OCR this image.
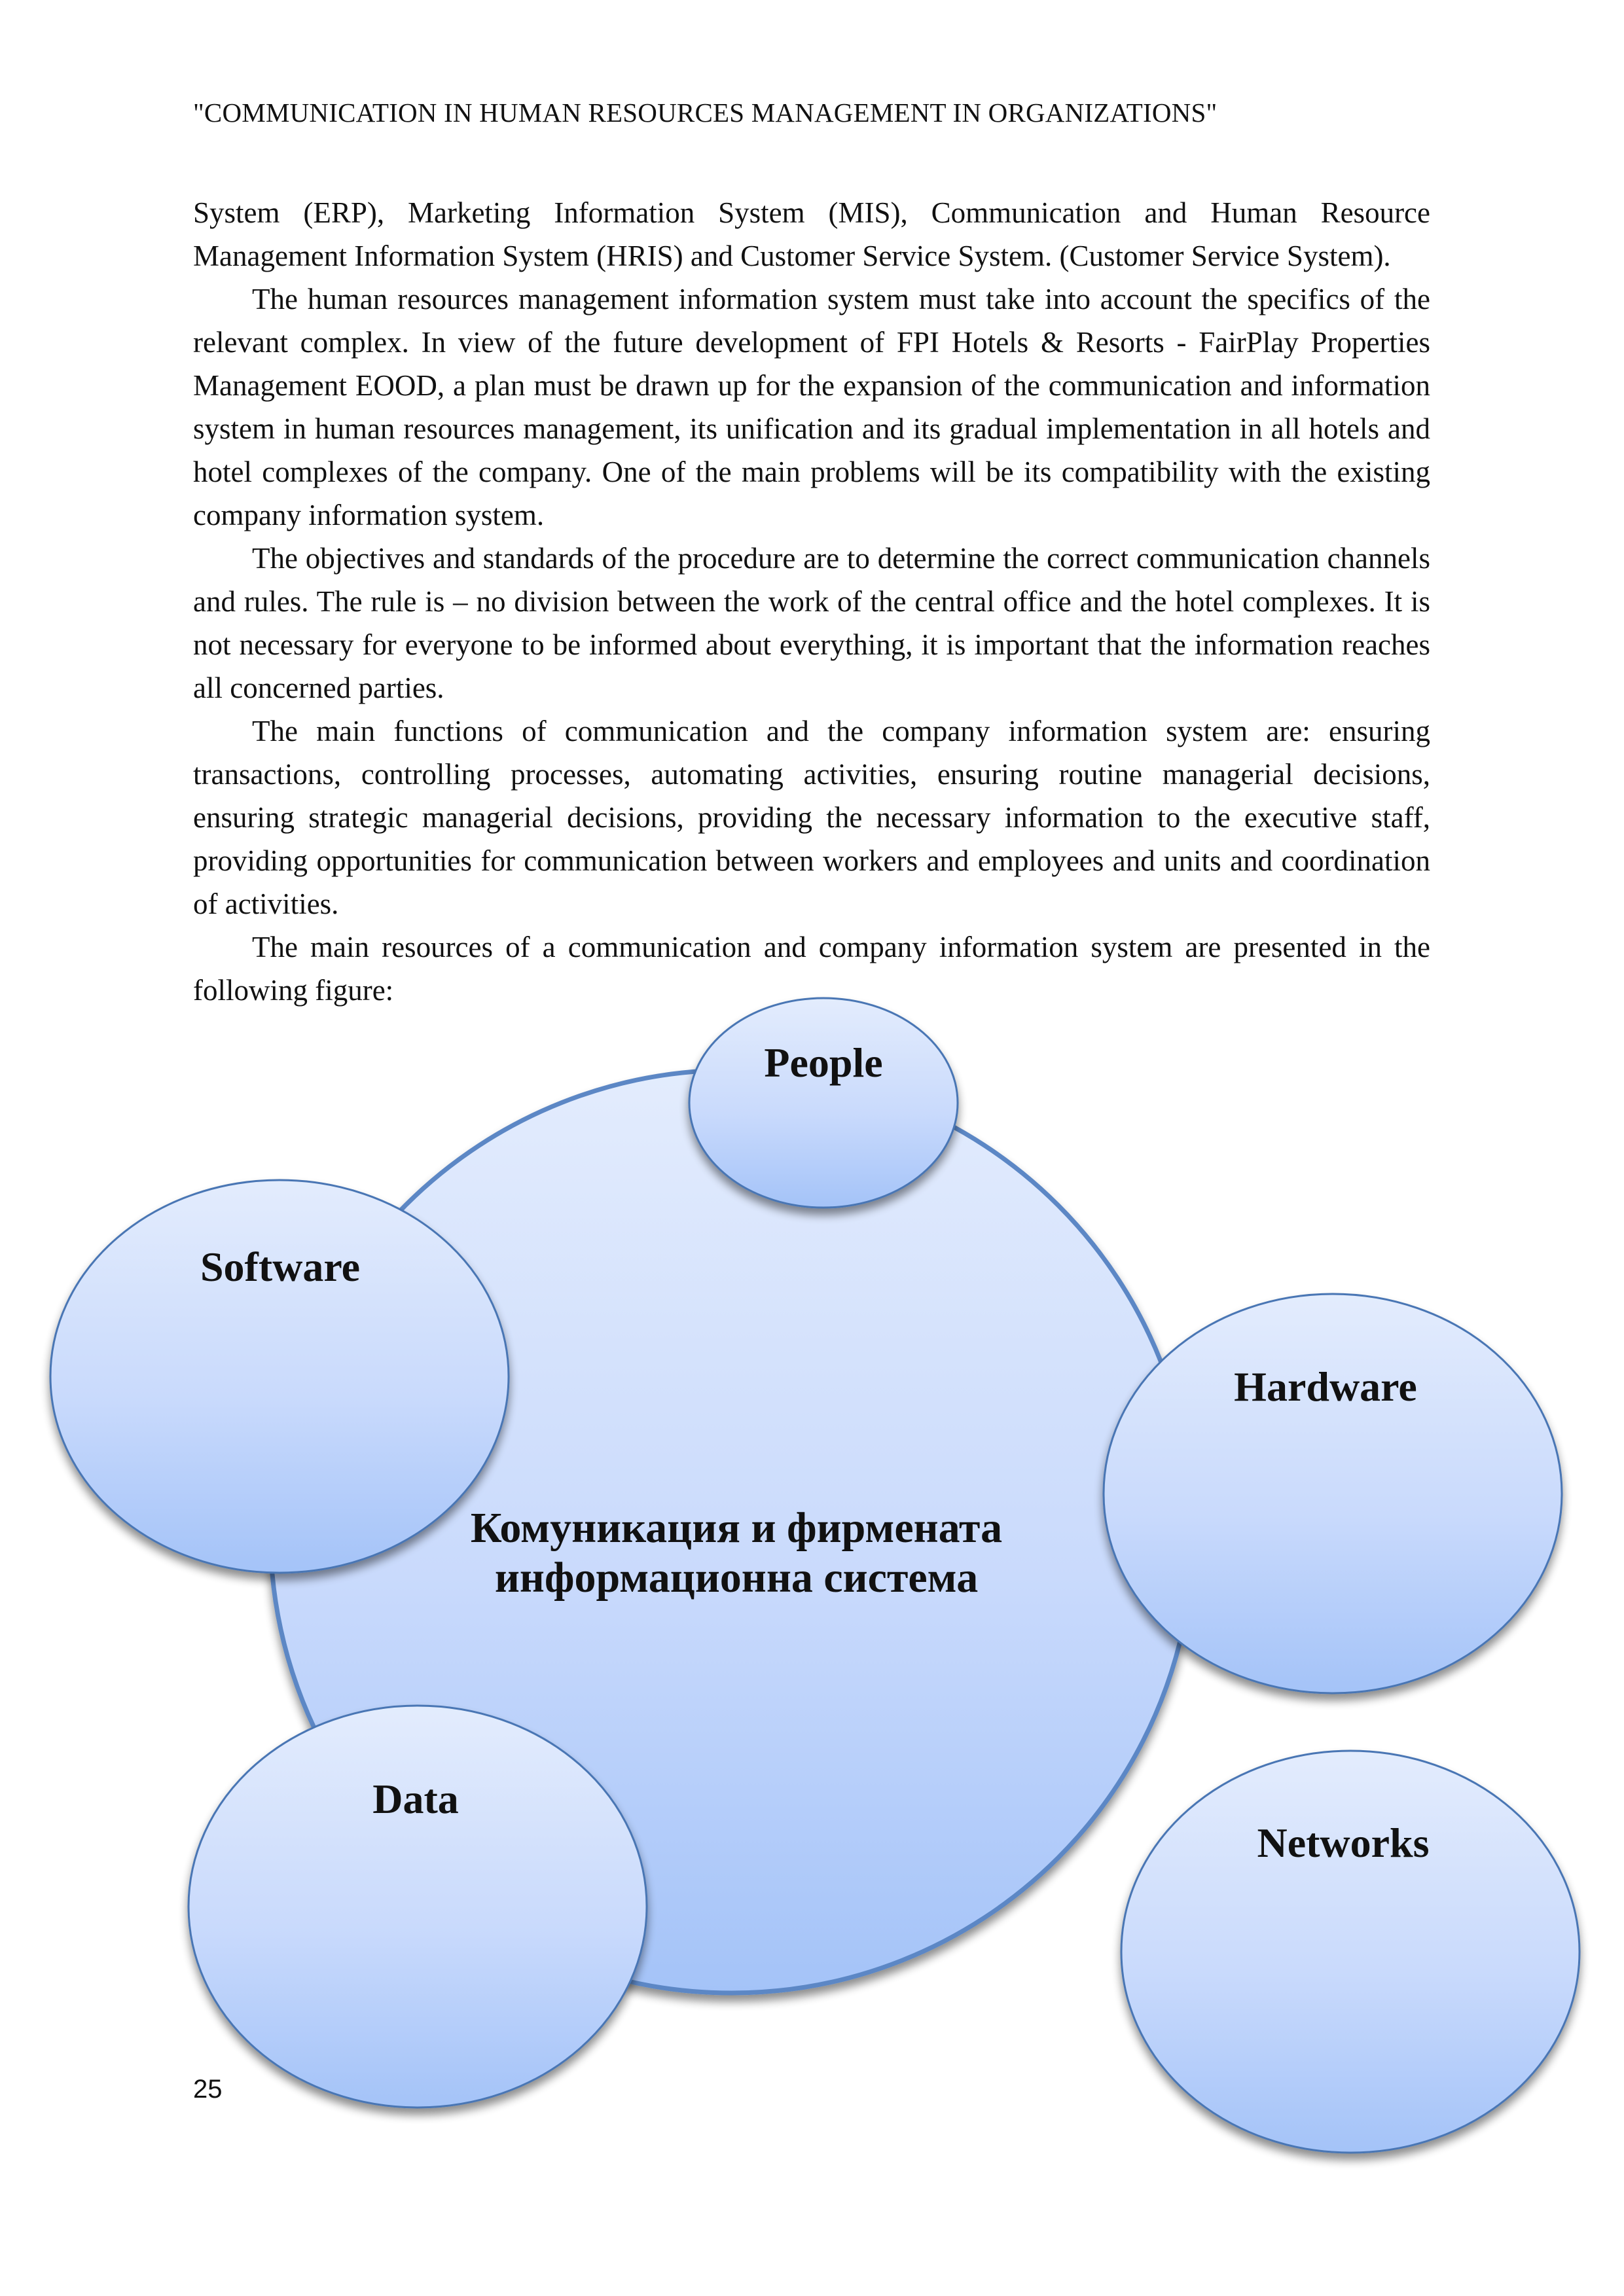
"COMMUNICATION IN HUMAN RESOURCES MANAGEMENT IN ORGANIZATIONS"

System (ERP), Marketing Information System (MIS), Communication and Human Resource Management Information System (HRIS) and Customer Service System. (Customer Service System).

The human resources management information system must take into account the specifics of the relevant complex. In view of the future development of FPI Hotels & Resorts - FairPlay Properties Management EOOD, a plan must be drawn up for the expansion of the communication and information system in human resources management, its unification and its gradual implementation in all hotels and hotel complexes of the company. One of the main problems will be its compatibility with the existing company information system.

The objectives and standards of the procedure are to determine the correct communication channels and rules. The rule is – no division between the work of the central office and the hotel complexes. It is not necessary for everyone to be informed about everything, it is important that the information reaches all concerned parties.

The main functions of communication and the company information system are: ensuring transactions, controlling processes, automating activities, ensuring routine managerial decisions, ensuring strategic managerial decisions, providing the necessary information to the executive staff, providing opportunities for communication between workers and employees and units and coordination of activities.

The main resources of a communication and company information system are presented in the following figure:

People
Software
Hardware
Data
Networks
Комуникация и фирмената
информационна система
25
